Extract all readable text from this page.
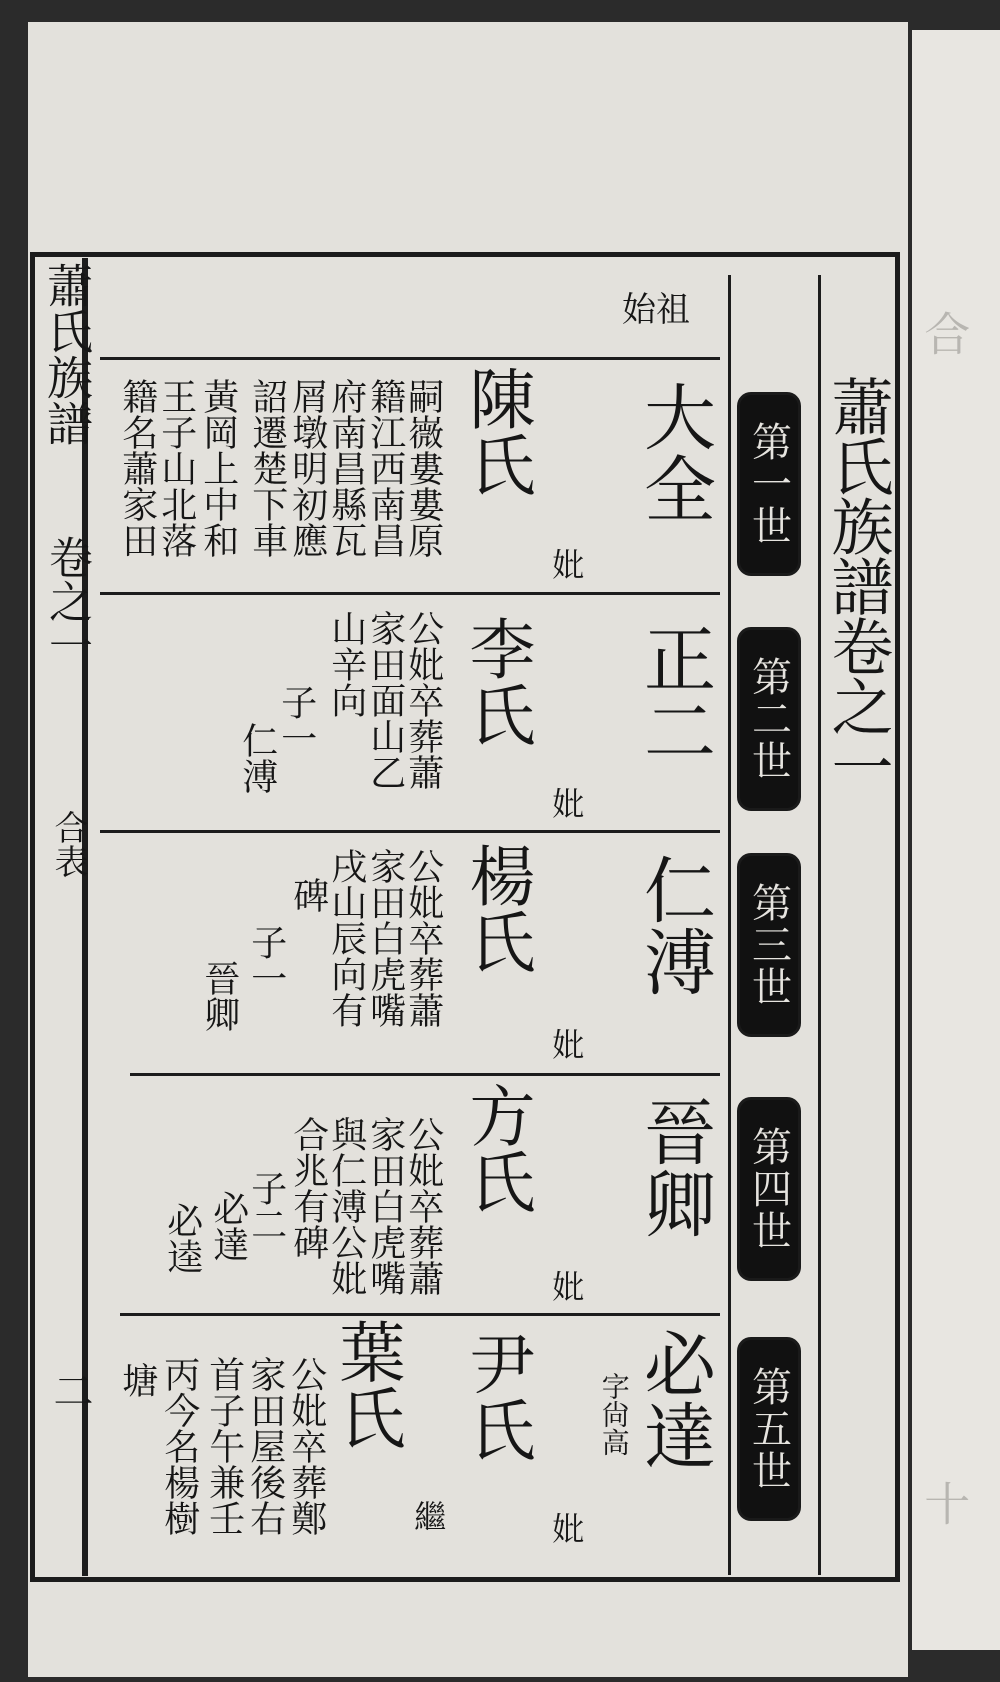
合
十
蕭氏族譜
卷之一
合表
二
蕭氏族譜卷之一
第一世
第二世
第三世
第四世
第五世
始祖
大全
妣
陳氏
嗣嶶婁婁原
籍江西南昌
府南昌縣瓦
屑墩明初應
詔遷楚下車
黃岡上中和
王子山北落
籍名蕭家田
正二
妣
李氏
公妣卒葬蕭
家田面山乙
山辛向
子一
仁溥
仁溥
妣
楊氏
公妣卒葬蕭
家田白虎嘴
戌山辰向有
碑
子一
晉卿
晉卿
妣
方氏
公妣卒葬蕭
家田白虎嘴
與仁溥公妣
合兆有碑
子二
必達
必逵
必達
字尙高
妣
尹氏
繼
葉氏
公妣卒葬鄭
家田屋後右
首子午兼壬
丙今名楊樹
塘
